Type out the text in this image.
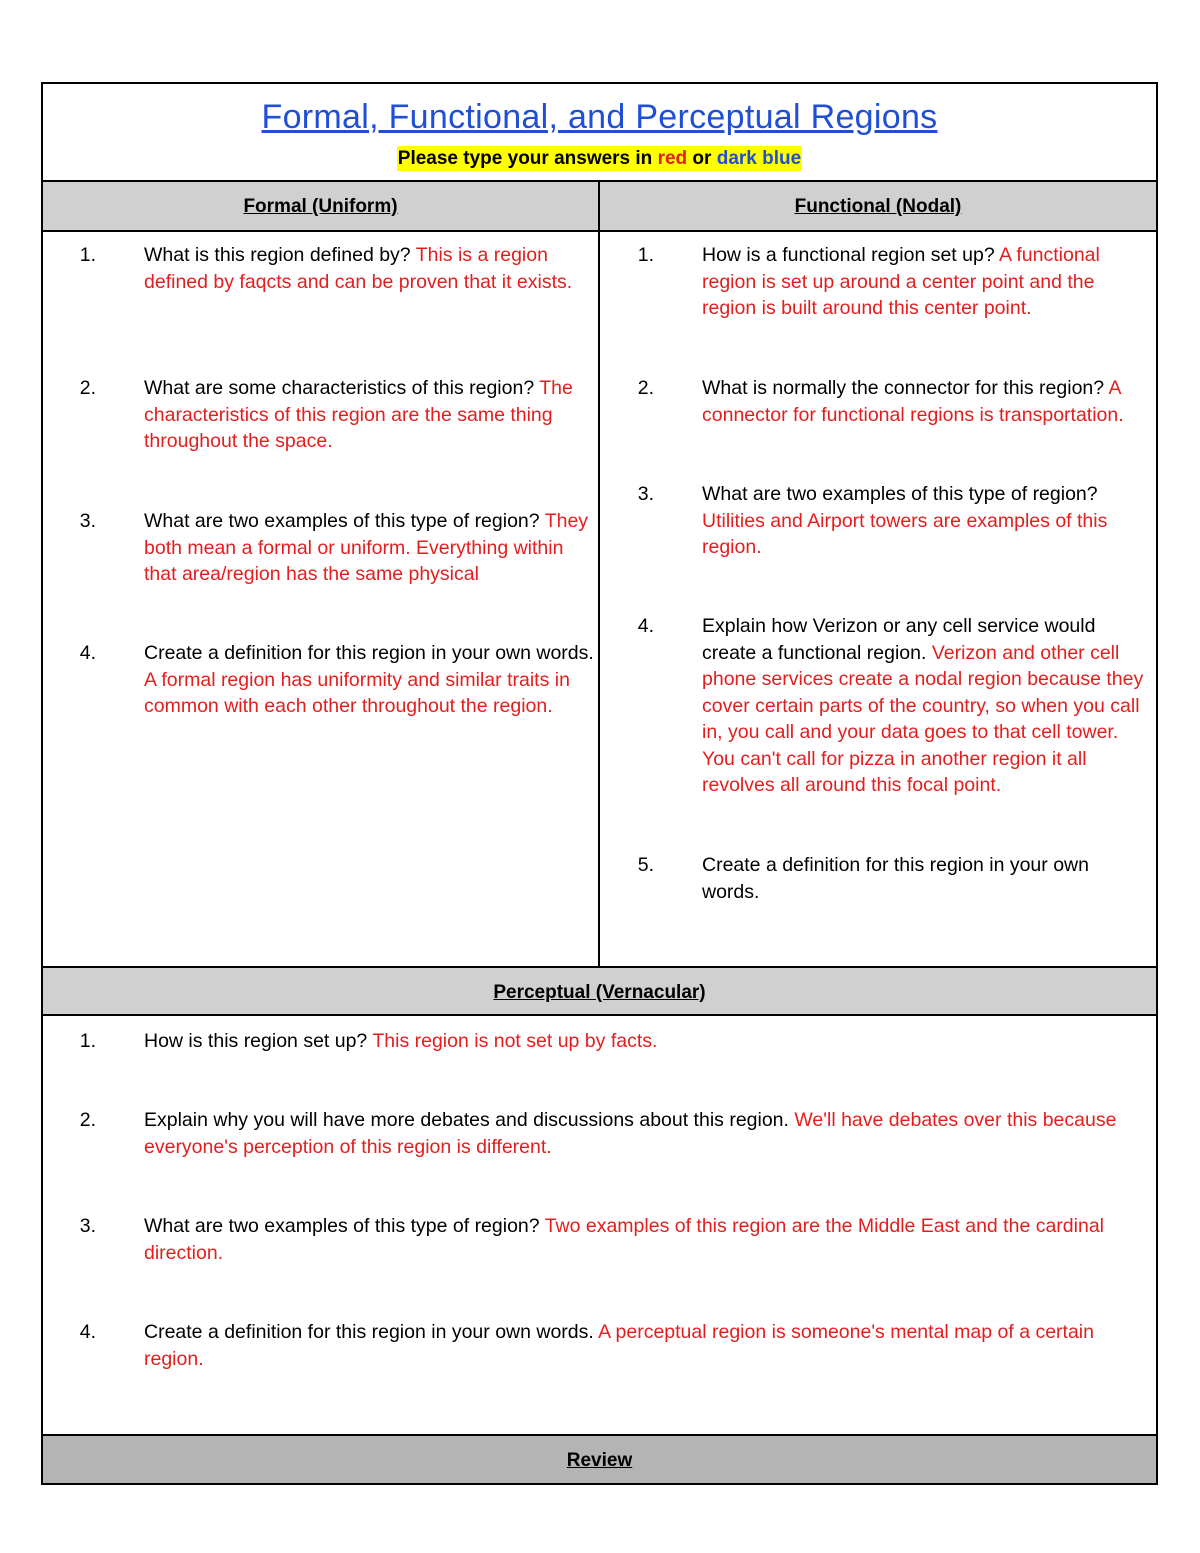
Formal, Functional, and Perceptual Regions
Please type your answers in red or dark blue
Formal (Uniform)	Functional (Nodal)
1. What is this region defined by? This is a region defined by faqcts and can be proven that it exists.
2. What are some characteristics of this region? The characteristics of this region are the same thing throughout the space.
3. What are two examples of this type of region? They both mean a formal or uniform. Everything within that area/region has the same physical
4. Create a definition for this region in your own words. A formal region has uniformity and similar traits in common with each other throughout the region.
1. How is a functional region set up? A functional region is set up around a center point and the region is built around this center point.
2. What is normally the connector for this region? A connector for functional regions is transportation.
3. What are two examples of this type of region? Utilities and Airport towers are examples of this region.
4. Explain how Verizon or any cell service would create a functional region. Verizon and other cell phone services create a nodal region because they cover certain parts of the country, so when you call in, you call and your data goes to that cell tower. You can't call for pizza in another region it all revolves all around this focal point.
5. Create a definition for this region in your own words.
Perceptual (Vernacular)
1. How is this region set up? This region is not set up by facts.
2. Explain why you will have more debates and discussions about this region. We'll have debates over this because everyone's perception of this region is different.
3. What are two examples of this type of region? Two examples of this region are the Middle East and the cardinal direction.
4. Create a definition for this region in your own words. A perceptual region is someone's mental map of a certain region.
Review
